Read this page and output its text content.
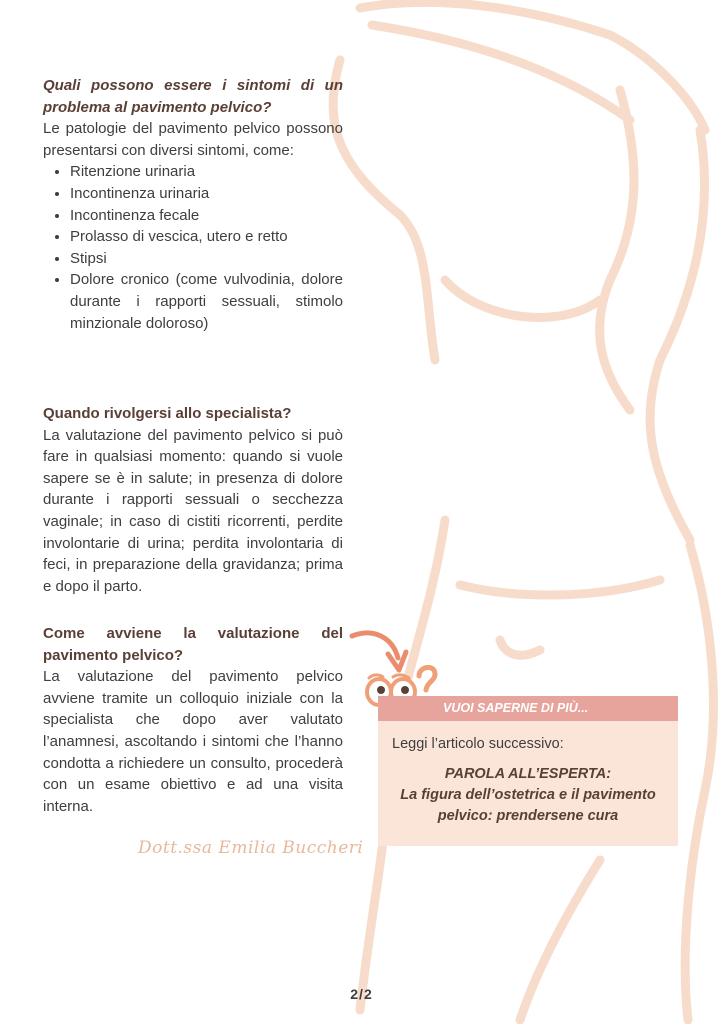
Quali possono essere i sintomi di un problema al pavimento pelvico?
Le patologie del pavimento pelvico possono presentarsi con diversi sintomi, come:
• Ritenzione urinaria
• Incontinenza urinaria
• Incontinenza fecale
• Prolasso di vescica, utero e retto
• Stipsi
• Dolore cronico (come vulvodinia, dolore durante i rapporti sessuali, stimolo minzionale doloroso)
Quando rivolgersi allo specialista?
La valutazione del pavimento pelvico si può fare in qualsiasi momento: quando si vuole sapere se è in salute; in presenza di dolore durante i rapporti sessuali o secchezza vaginale; in caso di cistiti ricorrenti, perdite involontarie di urina; perdita involontaria di feci, in preparazione della gravidanza; prima e dopo il parto.
Come avviene la valutazione del pavimento pelvico?
La valutazione del pavimento pelvico avviene tramite un colloquio iniziale con la specialista che dopo aver valutato l’anamnesi, ascoltando i sintomi che l’hanno condotta a richiedere un consulto, procederà con un esame obiettivo e ad una visita interna.
Dott.ssa Emilia Buccheri
VUOI SAPERNE DI PIÙ...
Leggi l’articolo successivo:
PAROLA ALL’ESPERTA:
La figura dell’ostetrica e il pavimento pelvico: prendersene cura
2/2
